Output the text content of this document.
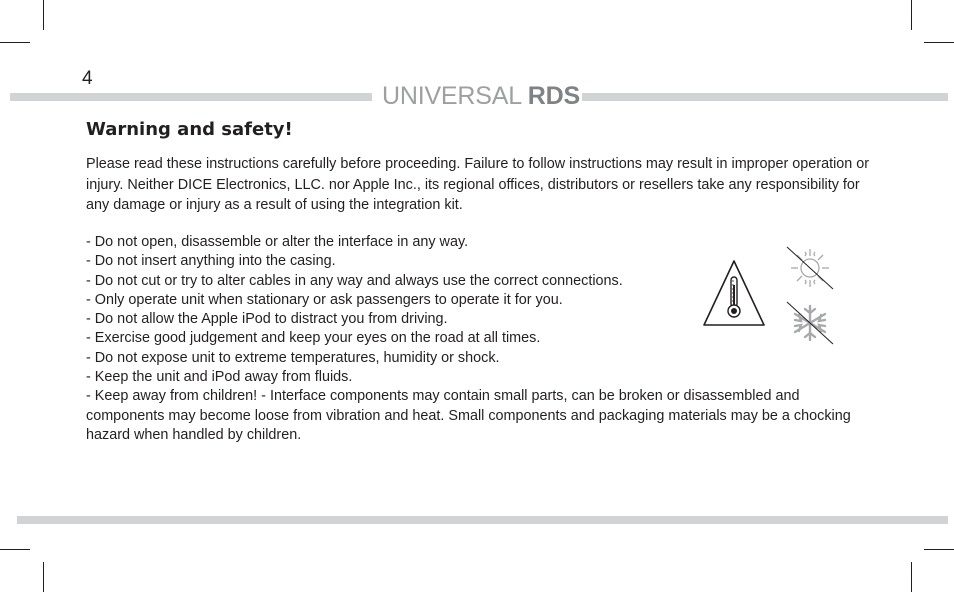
4
UNIVERSAL RDS
Warning and safety!

Please read these instructions carefully before proceeding. Failure to follow instructions may result in improper operation or injury. Neither DICE Electronics, LLC. nor Apple Inc., its regional offices, distributors or resellers take any responsibility for any damage or injury as a result of using the integration kit.

- Do not open, disassemble or alter the interface in any way.
- Do not insert anything into the casing.
- Do not cut or try to alter cables in any way and always use the correct connections.
- Only operate unit when stationary or ask passengers to operate it for you.
- Do not allow the Apple iPod to distract you from driving.
- Exercise good judgement and keep your eyes on the road at all times.
- Do not expose unit to extreme temperatures, humidity or shock.
- Keep the unit and iPod away from fluids.
- Keep away from children! - Interface components may contain small parts, can be broken or disassembled and components may become loose from vibration and heat. Small components and packaging materials may be a chocking hazard when handled by children.
